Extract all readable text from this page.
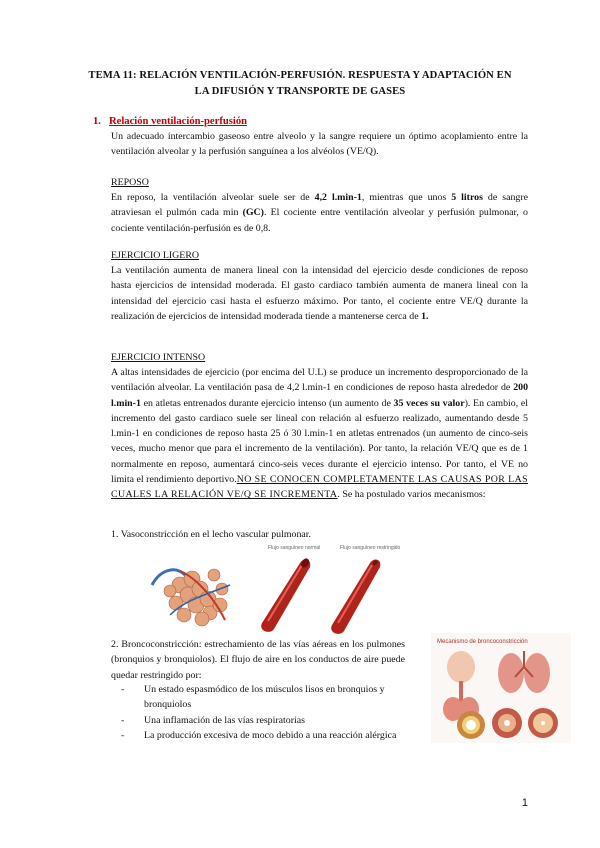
TEMA 11: RELACIÓN VENTILACIÓN-PERFUSIÓN. RESPUESTA Y ADAPTACIÓN EN
LA DIFUSIÓN Y TRANSPORTE DE GASES
1. Relación ventilación-perfusión
Un adecuado intercambio gaseoso entre alveolo y la sangre requiere un óptimo acoplamiento entre la ventilación alveolar y la perfusión sanguínea a los alvéolos (VE/Q).
REPOSO
En reposo, la ventilación alveolar suele ser de 4,2 l.min-1, mientras que unos 5 litros de sangre atraviesan el pulmón cada min (GC). El cociente entre ventilación alveolar y perfusión pulmonar, o cociente ventilación-perfusión es de 0,8.
EJERCICIO LIGERO
La ventilación aumenta de manera lineal con la intensidad del ejercicio desde condiciones de reposo hasta ejercicios de intensidad moderada. El gasto cardiaco también aumenta de manera lineal con la intensidad del ejercicio casi hasta el esfuerzo máximo. Por tanto, el cociente entre VE/Q durante la realización de ejercicios de intensidad moderada tiende a mantenerse cerca de 1.
EJERCICIO INTENSO
A altas intensidades de ejercicio (por encima del U.L) se produce un incremento desproporcionado de la ventilación alveolar. La ventilación pasa de 4,2 l.min-1 en condiciones de reposo hasta alrededor de 200 l.min-1 en atletas entrenados durante ejercicio intenso (un aumento de 35 veces su valor). En cambio, el incremento del gasto cardiaco suele ser lineal con relación al esfuerzo realizado, aumentando desde 5 l.min-1 en condiciones de reposo hasta 25 ó 30 l.min-1 en atletas entrenados (un aumento de cinco-seis veces, mucho menor que para el incremento de la ventilación). Por tanto, la relación VE/Q que es de 1 normalmente en reposo, aumentará cinco-seis veces durante el ejercicio intenso. Por tanto, el VE no limita el rendimiento deportivo.NO SE CONOCEN COMPLETAMENTE LAS CAUSAS POR LAS CUALES LA RELACIÓN VE/Q SE INCREMENTA. Se ha postulado varios mecanismos:
1. Vasoconstricción en el lecho vascular pulmonar.
Flujo sanguíneo normal	Flujo sanguíneo restringido
2. Broncoconstricción: estrechamiento de las vías aéreas en los pulmones (bronquios y bronquiolos). El flujo de aire en los conductos de aire puede quedar restringido por:
- Un estado espasmódico de los músculos lisos en bronquios y bronquiolos
- Una inflamación de las vías respiratorias
- La producción excesiva de moco debido a una reacción alérgica
Mecanismo de broncoconstricción
1
